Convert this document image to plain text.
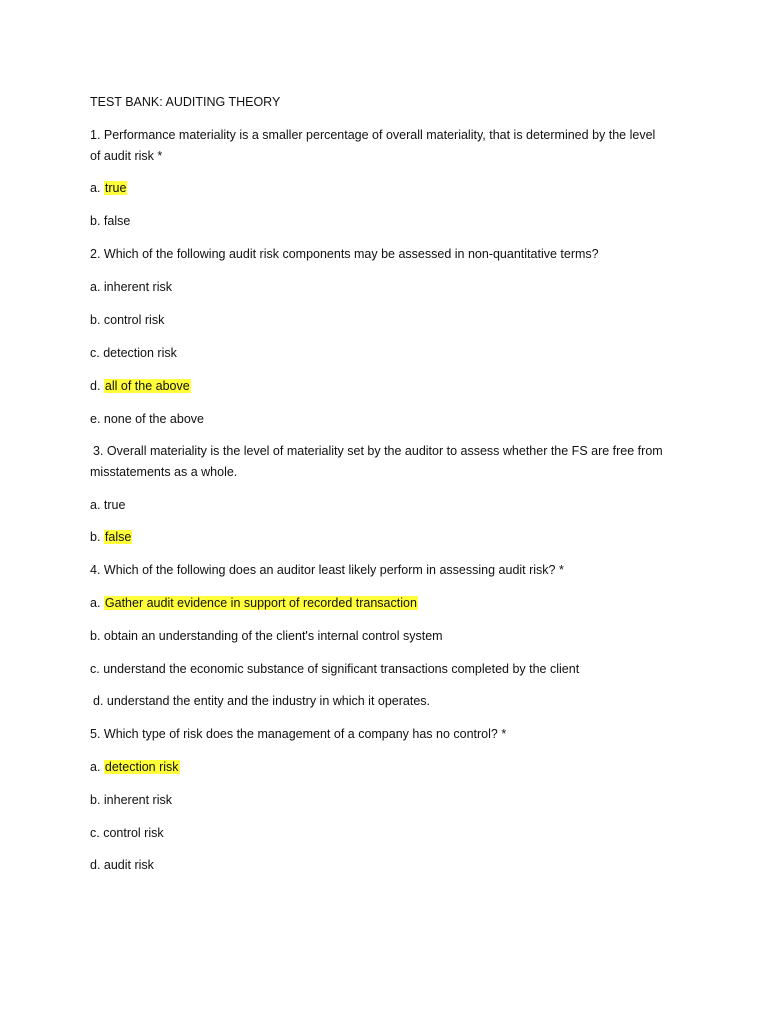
TEST BANK: AUDITING THEORY
1. Performance materiality is a smaller percentage of overall materiality, that is determined by the level
of audit risk *
a. true
b. false
2. Which of the following audit risk components may be assessed in non-quantitative terms?
a. inherent risk
b. control risk
c. detection risk
d. all of the above
e. none of the above
3. Overall materiality is the level of materiality set by the auditor to assess whether the FS are free from
misstatements as a whole.
a. true
b. false
4. Which of the following does an auditor least likely perform in assessing audit risk? *
a. Gather audit evidence in support of recorded transaction
b. obtain an understanding of the client's internal control system
c. understand the economic substance of significant transactions completed by the client
d. understand the entity and the industry in which it operates.
5. Which type of risk does the management of a company has no control? *
a. detection risk
b. inherent risk
c. control risk
d. audit risk
